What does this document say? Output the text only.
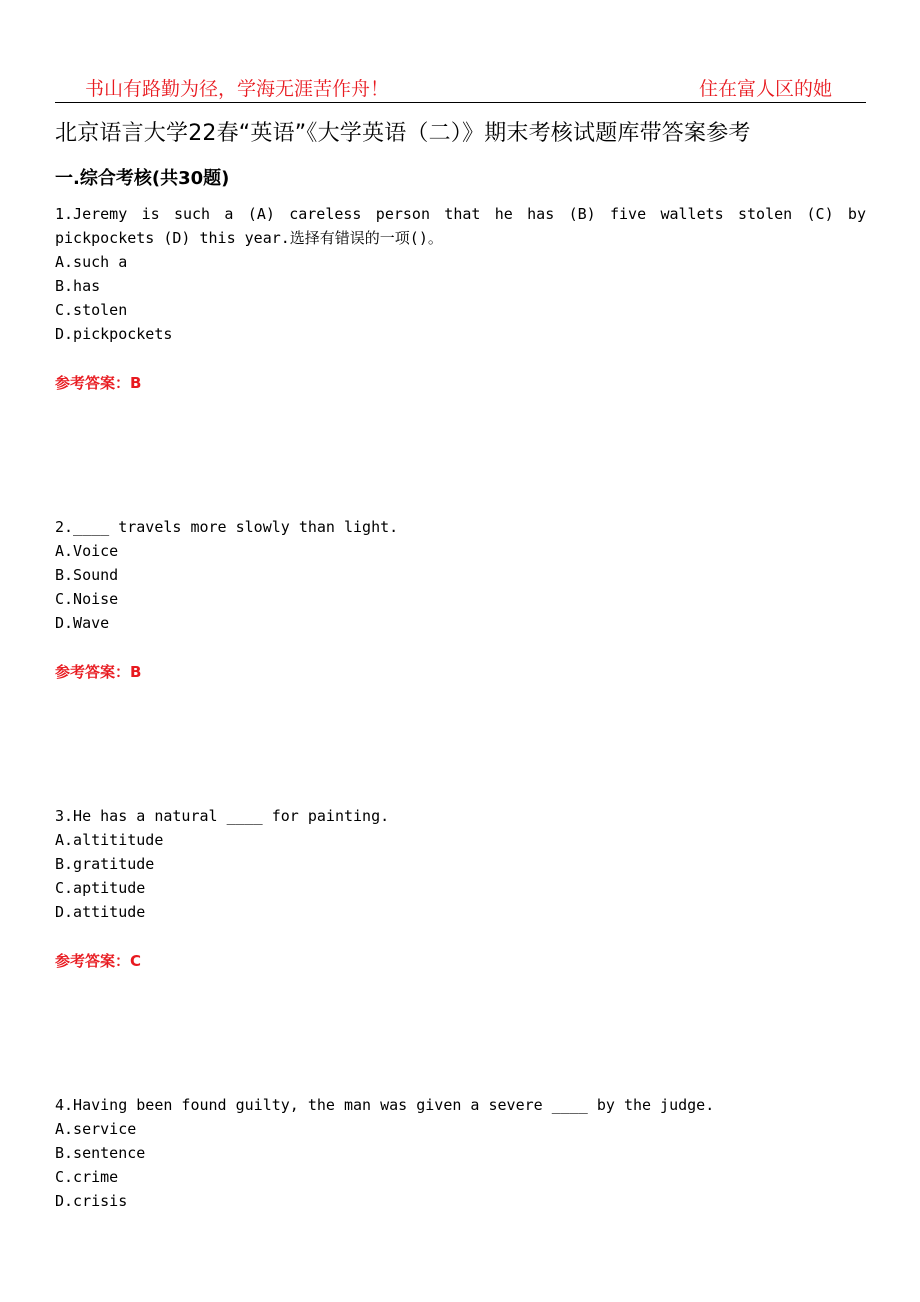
书山有路勤为径，学海无涯苦作舟！	住在富人区的她
北京语言大学22春“英语”《大学英语（二）》期末考核试题库带答案参考
一.综合考核(共30题)
1.Jeremy is such a (A) careless person that he has (B) five wallets stolen (C) by pickpockets (D) this year.选择有错误的一项()。
A.such a
B.has
C.stolen
D.pickpockets
参考答案：B
2.____ travels more slowly than light.
A.Voice
B.Sound
C.Noise
D.Wave
参考答案：B
3.He has a natural ____ for painting.
A.altititude
B.gratitude
C.aptitude
D.attitude
参考答案：C
4.Having been found guilty, the man was given a severe ____ by the judge.
A.service
B.sentence
C.crime
D.crisis
